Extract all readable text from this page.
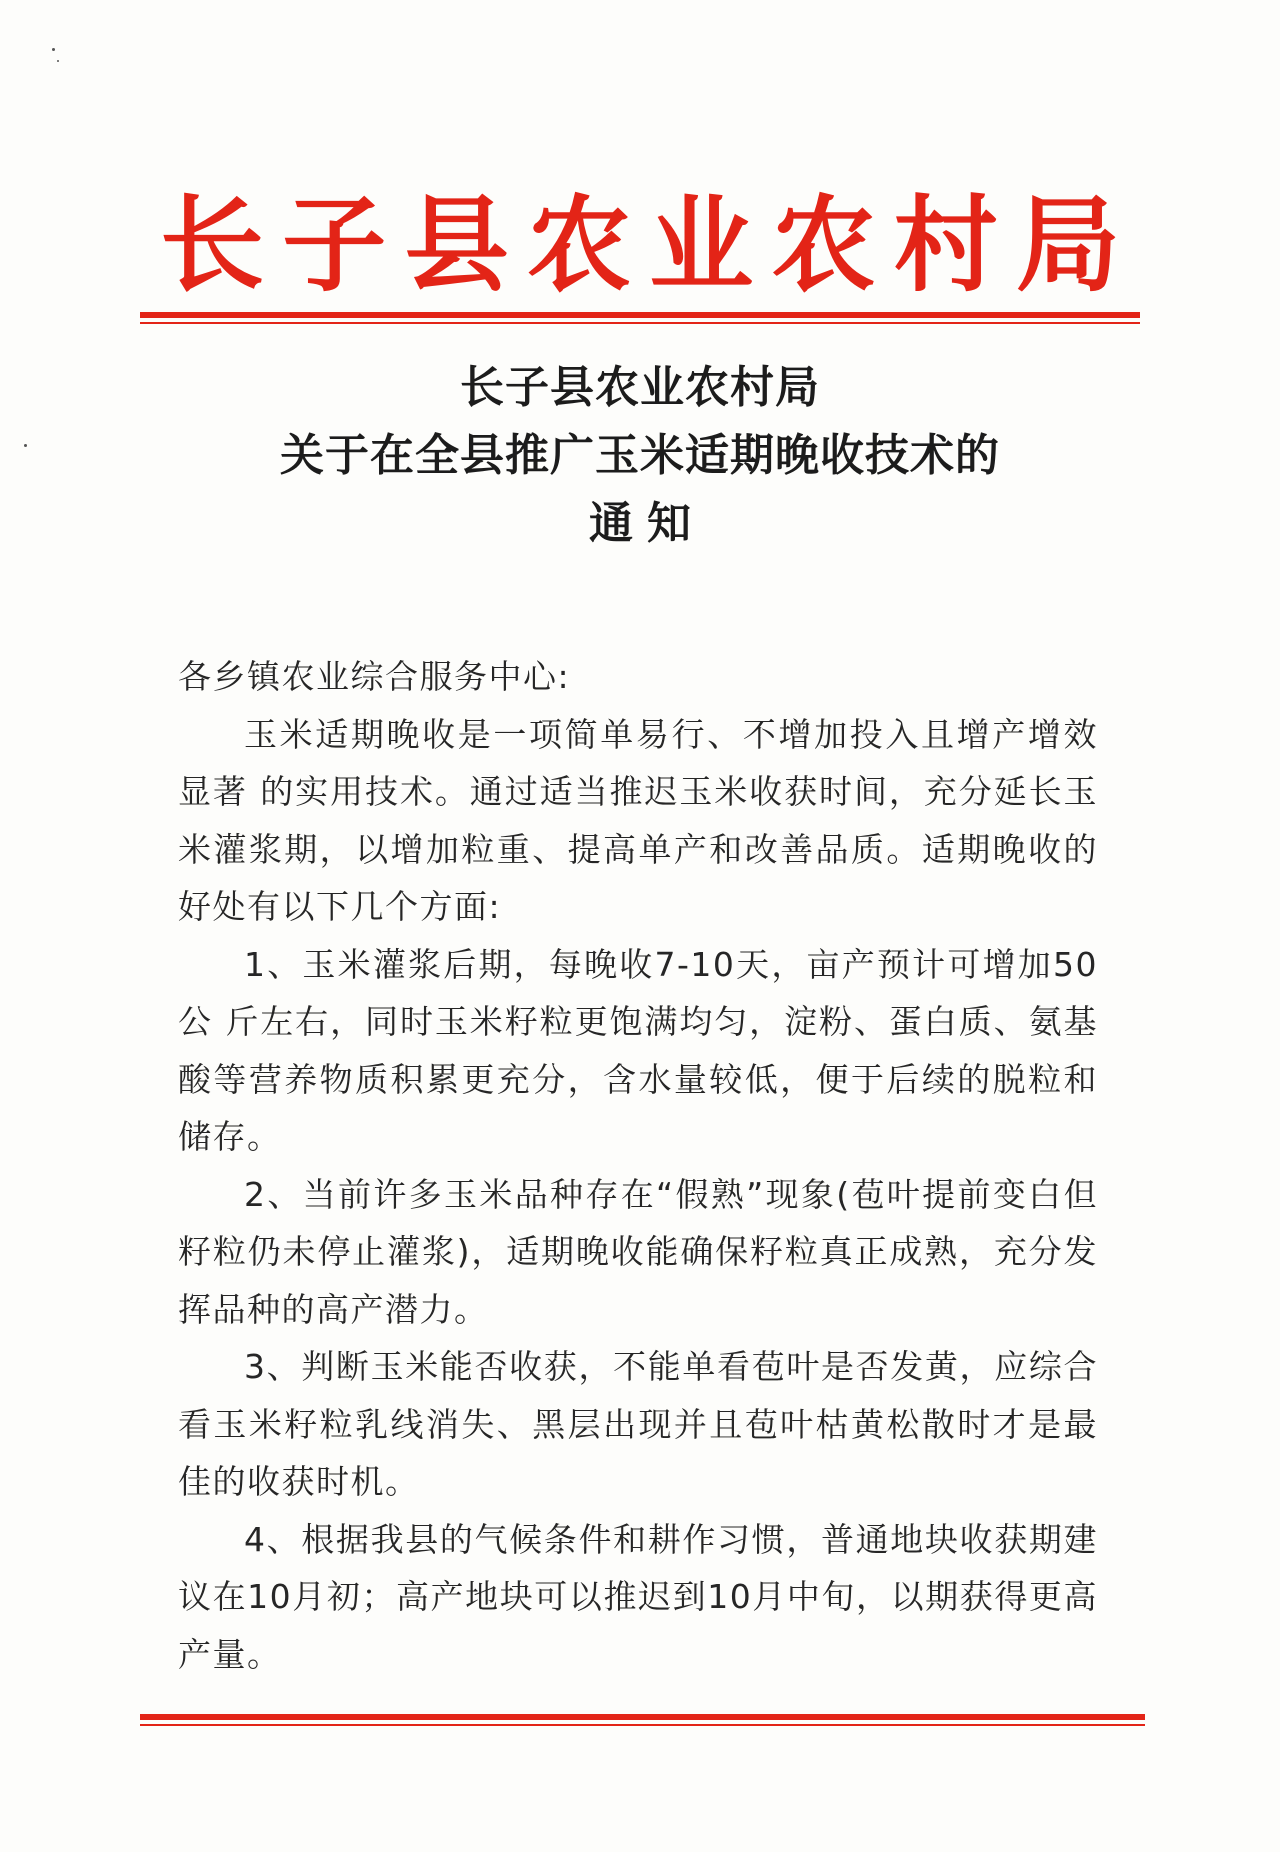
长 子 县 农 业 农 村 局
长子县农业农村局
关于在全县推广玉米适期晚收技术的
通知

各乡镇农业综合服务中心:

玉米适期晚收是一项简单易行、不增加投入且增产增效显著 的实用技术。通过适当推迟玉米收获时间，充分延长玉米灌浆期，以增加粒重、提高单产和改善品质。适期晚收的好处有以下几个方面:

1、玉米灌浆后期，每晚收7-10天，亩产预计可增加50公 斤左右，同时玉米籽粒更饱满均匀，淀粉、蛋白质、氨基酸等营养物质积累更充分，含水量较低，便于后续的脱粒和储存。

2、当前许多玉米品种存在“假熟”现象(苞叶提前变白但籽粒仍未停止灌浆)，适期晚收能确保籽粒真正成熟，充分发挥品种的高产潜力。

3、判断玉米能否收获，不能单看苞叶是否发黄，应综合看玉米籽粒乳线消失、黑层出现并且苞叶枯黄松散时才是最佳的收获时机。

4、根据我县的气候条件和耕作习惯，普通地块收获期建议在10月初；高产地块可以推迟到10月中旬，以期获得更高产量。
